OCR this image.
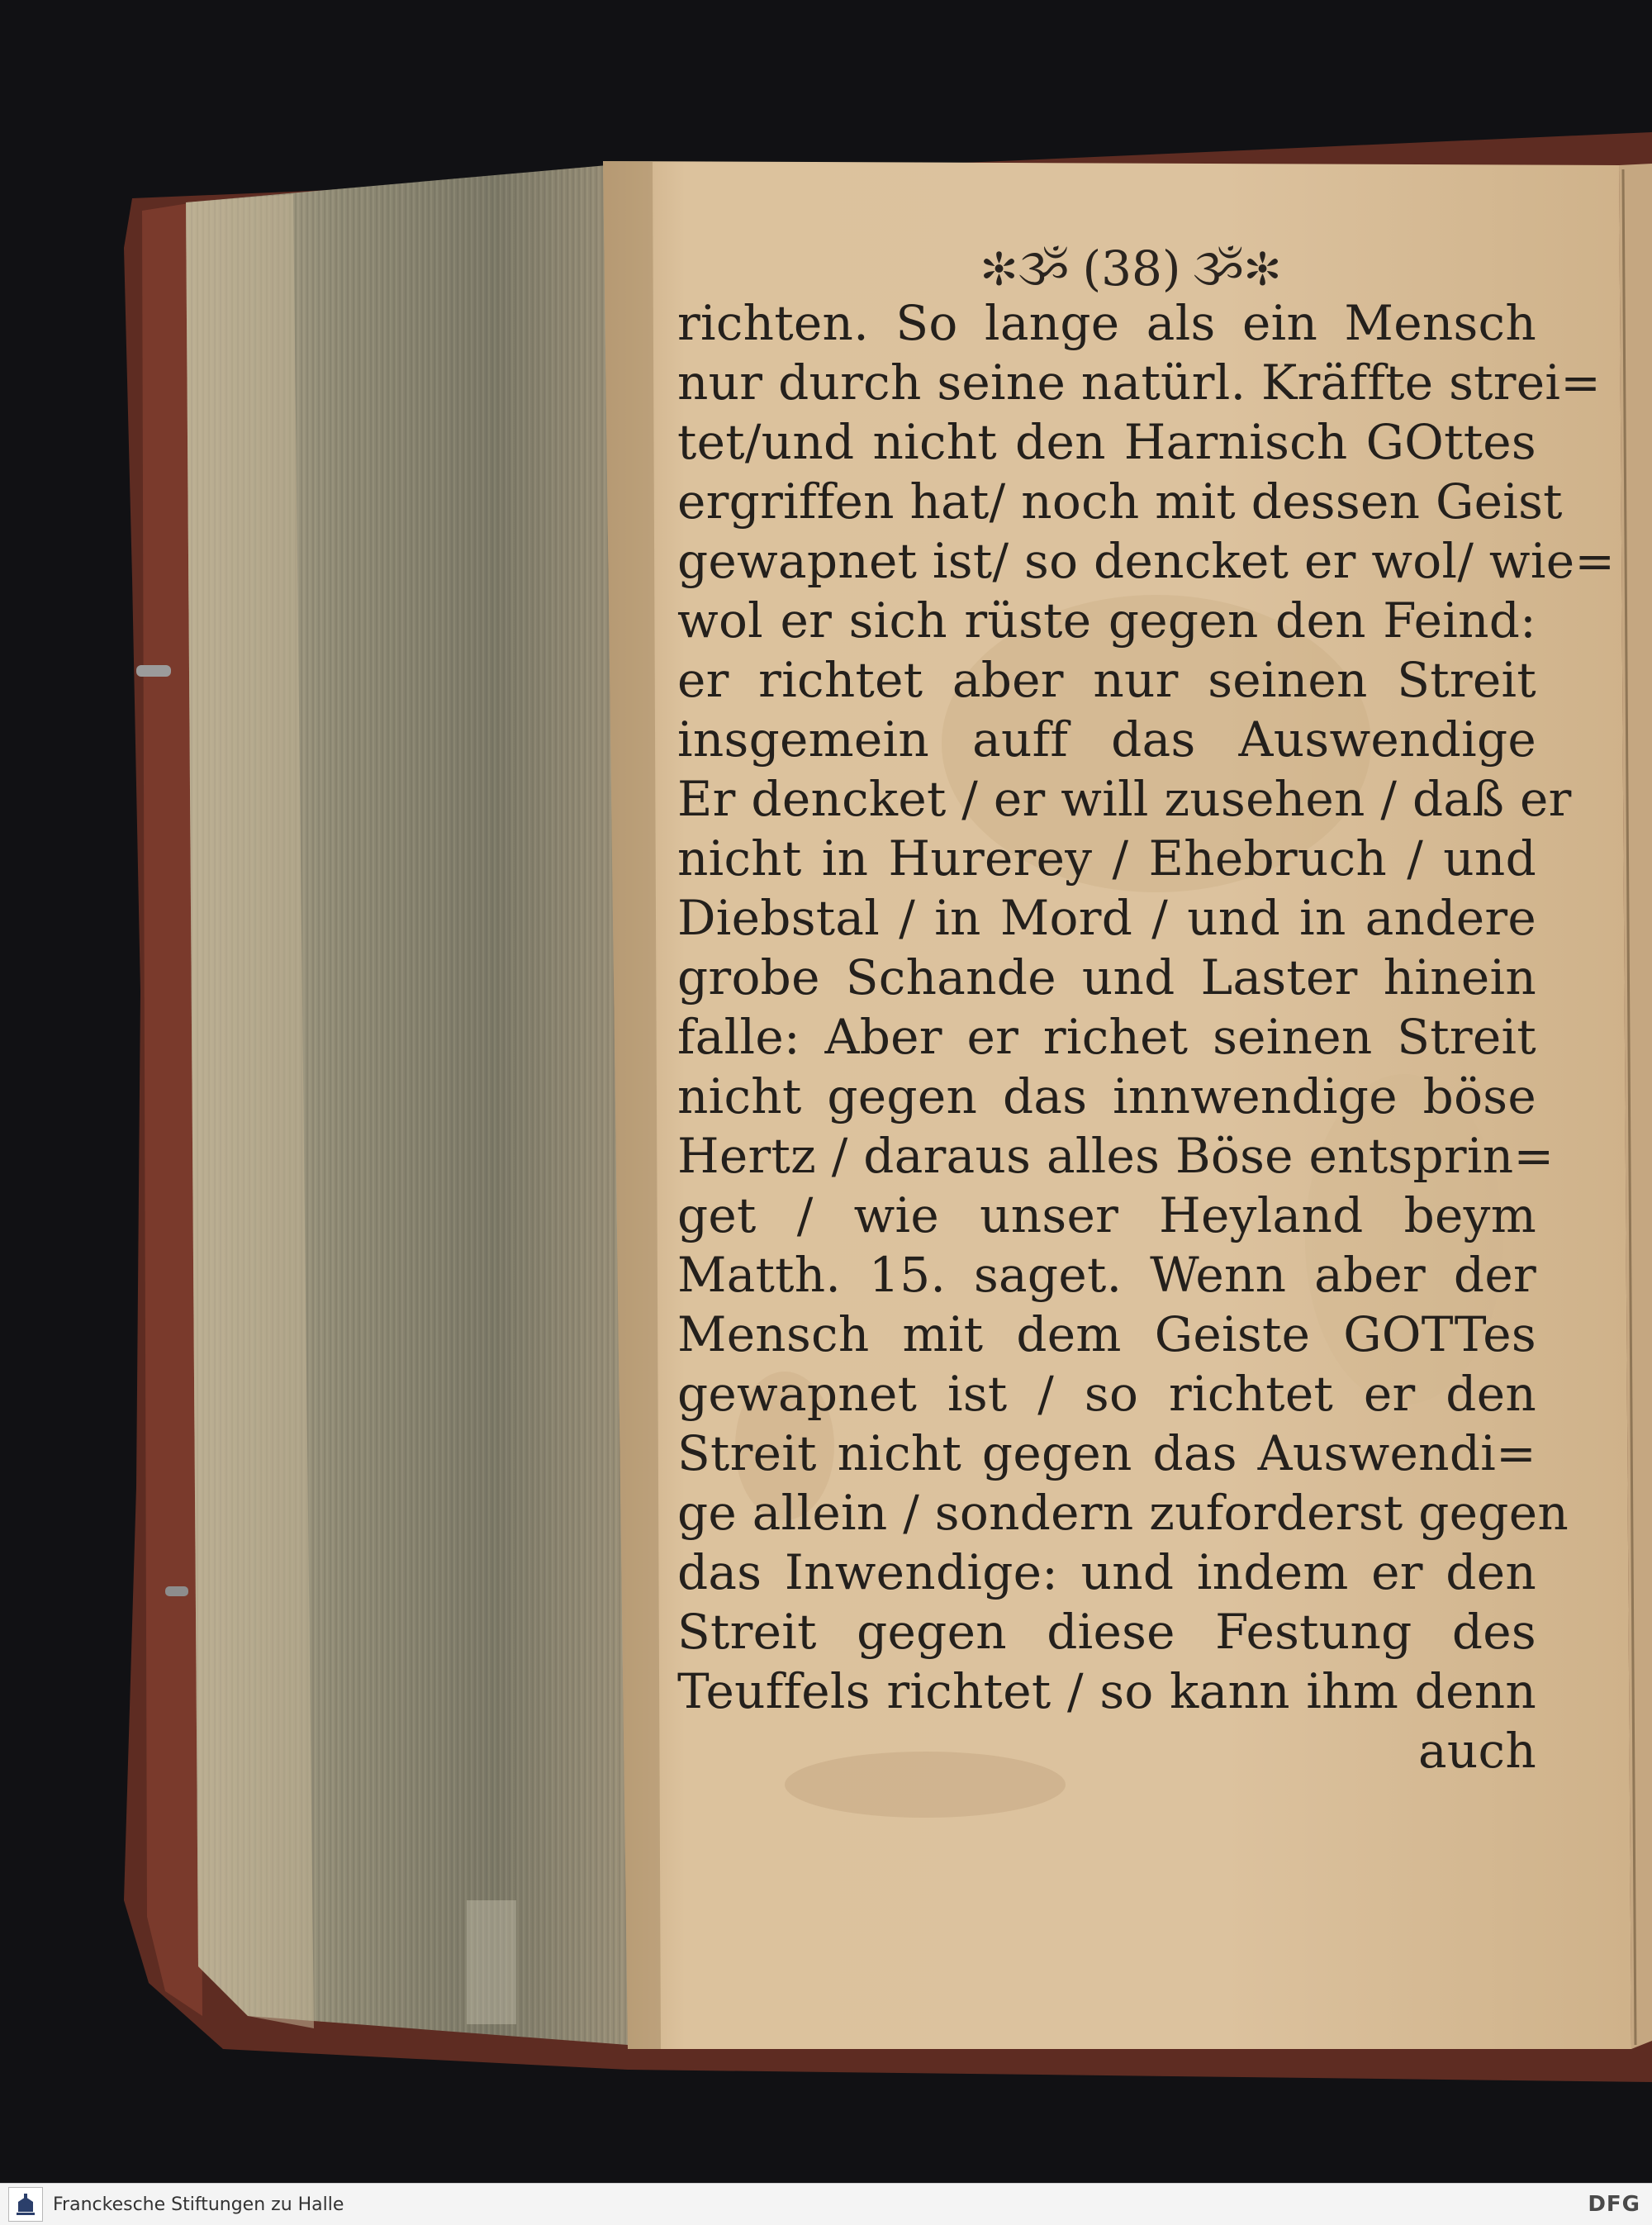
✻ૐ (38) ૐ✻
richten. So lange als ein Mensch
nur durch seine natürl. Kräffte strei=
tet/und nicht den Harnisch GOttes
ergriffen hat/ noch mit dessen Geist
gewapnet ist/ so dencket er wol/ wie=
wol er sich rüste gegen den Feind:
er richtet aber nur seinen Streit
insgemein auff das Auswendige
Er dencket / er will zusehen / daß er
nicht in Hurerey / Ehebruch / und
Diebstal / in Mord / und in andere
grobe Schande und Laster hinein
falle: Aber er richet seinen Streit
nicht gegen das innwendige böse
Hertz / daraus alles Böse entsprin=
get / wie unser Heyland beym
Matth. 15. saget. Wenn aber der
Mensch mit dem Geiste GOTTes
gewapnet ist / so richtet er den
Streit nicht gegen das Auswendi=
ge allein / sondern zuforderst gegen
das Inwendige: und indem er den
Streit gegen diese Festung des
Teuffels richtet / so kann ihm denn
auch
Franckesche Stiftungen zu Halle	DFG
